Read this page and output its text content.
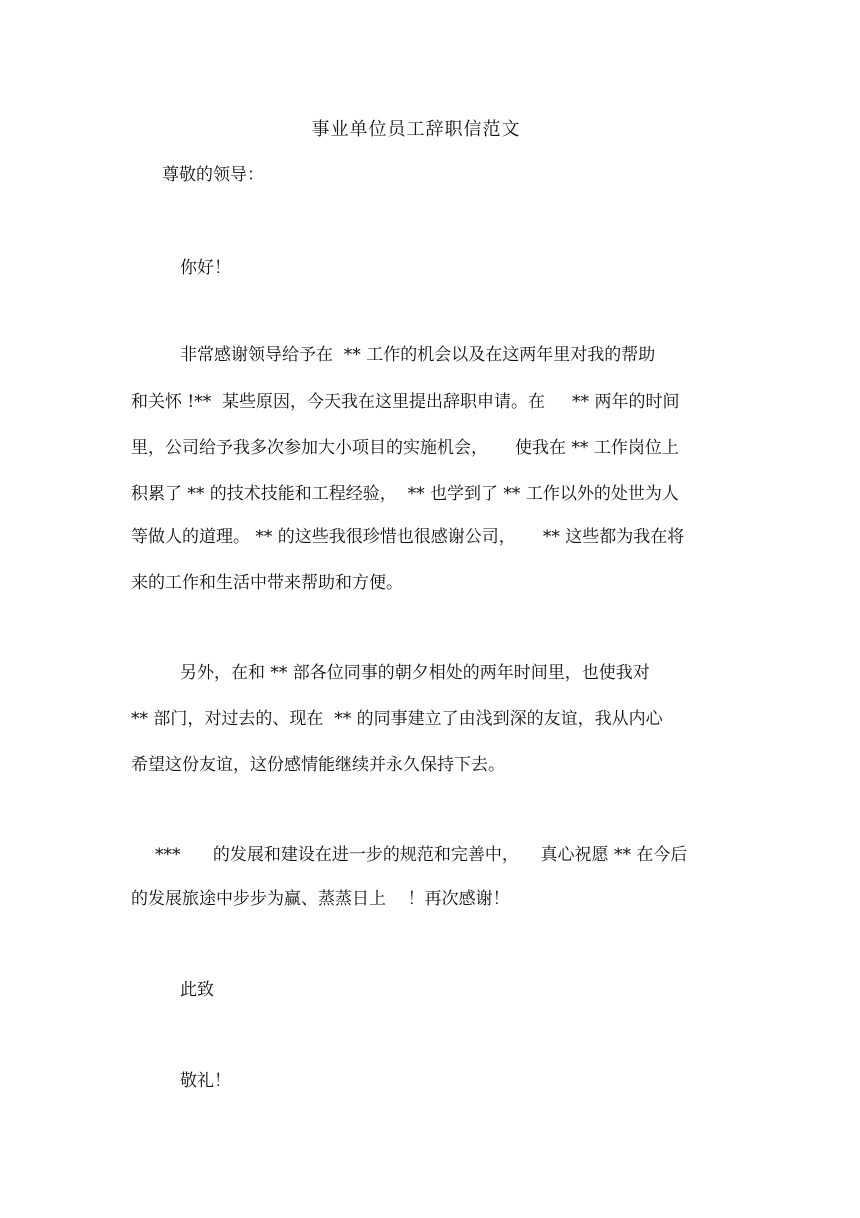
事业单位员工辞职信范文
尊敬的领导：
你好！
非常感谢领导给予在  ** 工作的机会以及在这两年里对我的帮助
和关怀 !**  某些原因，今天我在这里提出辞职申请。在     ** 两年的时间
里，公司给予我多次参加大小项目的实施机会，     使我在 ** 工作岗位上
积累了 ** 的技术技能和工程经验，  ** 也学到了 ** 工作以外的处世为人
等做人的道理。 ** 的这些我很珍惜也很感谢公司，     ** 这些都为我在将
来的工作和生活中带来帮助和方便。
另外，在和 ** 部各位同事的朝夕相处的两年时间里，也使我对
** 部门，对过去的、现在  ** 的同事建立了由浅到深的友谊，我从内心
希望这份友谊，这份感情能继续并永久保持下去。
***      的发展和建设在进一步的规范和完善中，    真心祝愿 ** 在今后
的发展旅途中步步为赢、蒸蒸日上    ！再次感谢！
此致
敬礼！
